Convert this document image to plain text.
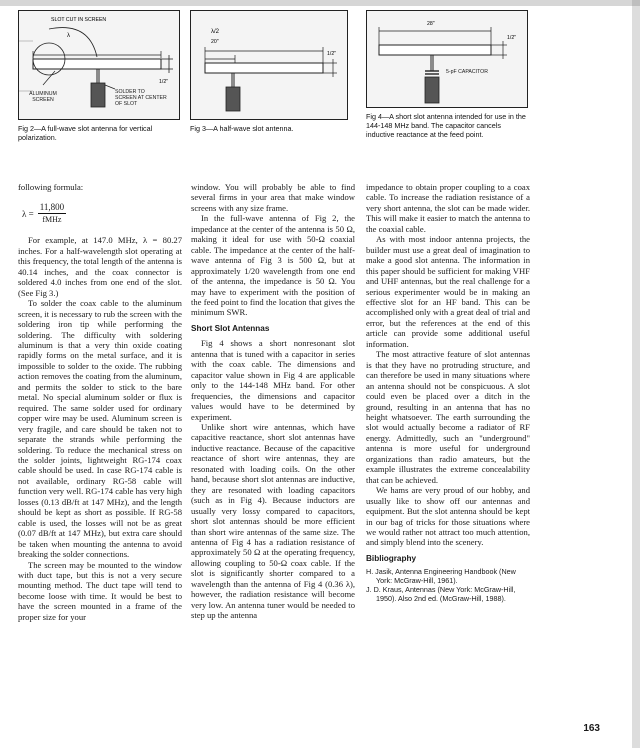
λ
SLOT CUT IN SCREEN
1/2"
ALUMINUM SCREEN
SOLDER TO SCREEN AT CENTER OF SLOT
Fig 2—A full-wave slot antenna for vertical polarization.
λ/2
20"
1/2"
Fig 3—A half-wave slot antenna.
28"
1/2"
5-pF CAPACITOR
Fig 4—A short slot antenna intended for use in the 144-148 MHz band. The capacitor cancels inductive reactance at the feed point.

following formula:

$\lambda = \frac{11,800}{\text{fMHz}}$

For example, at 147.0 MHz, λ = 80.27 inches. For a half-wavelength slot operating at this frequency, the total length of the antenna is 40.14 inches, and the coax connector is soldered 4.0 inches from one end of the slot. (See Fig 3.)

To solder the coax cable to the aluminum screen, it is necessary to rub the screen with the soldering iron tip while performing the soldering. The difficulty with soldering aluminum is that a very thin oxide coating rapidly forms on the metal surface, and it is impossible to solder to the oxide. The rubbing action removes the coating from the aluminum, and permits the solder to stick to the bare metal. No special aluminum solder or flux is required. The same solder used for ordinary copper wire may be used. Aluminum screen is very fragile, and care should be taken not to separate the strands while performing the soldering. To reduce the mechanical stress on the solder joints, lightweight RG-174 coax cable should be used. In case RG-174 cable is not available, ordinary RG-58 cable will function very well. RG-174 cable has very high losses (0.13 dB/ft at 147 MHz), and the length should be kept as short as possible. If RG-58 cable is used, the losses will not be as great (0.07 dB/ft at 147 MHz), but extra care should be taken when mounting the antenna to avoid breaking the solder connections.

The screen may be mounted to the window with duct tape, but this is not a very secure mounting method. The duct tape will tend to become loose with time. It would be best to have the screen mounted in a frame of the proper size for your

window. You will probably be able to find several firms in your area that make window screens with any size frame.

In the full-wave antenna of Fig 2, the impedance at the center of the antenna is 50 Ω, making it ideal for use with 50-Ω coaxial cable. The impedance at the center of the half-wave antenna of Fig 3 is 500 Ω, but at approximately 1/20 wavelength from one end of the antenna, the impedance is 50 Ω. You may have to experiment with the position of the feed point to find the location that gives the minimum SWR.

Short Slot Antennas

Fig 4 shows a short nonresonant slot antenna that is tuned with a capacitor in series with the coax cable. The dimensions and capacitor value shown in Fig 4 are applicable only to the 144-148 MHz band. For other frequencies, the dimensions and capacitor values would have to be determined by experiment.

Unlike short wire antennas, which have capacitive reactance, short slot antennas have inductive reactance. Because of the capacitive reactance of short wire antennas, they are resonated with loading coils. On the other hand, because short slot antennas are inductive, they are resonated with loading capacitors (such as in Fig 4). Because inductors are usually very lossy compared to capacitors, short slot antennas should be more efficient than short wire antennas of the same size. The antenna of Fig 4 has a radiation resistance of approximately 50 Ω at the operating frequency, allowing coupling to 50-Ω coax cable. If the slot is significantly shorter compared to a wavelength than the antenna of Fig 4 (0.36 λ), however, the radiation resistance will become very low. An antenna tuner would be needed to step up the antenna

impedance to obtain proper coupling to a coax cable. To increase the radiation resistance of a very short antenna, the slot can be made wider. This will make it easier to match the antenna to the coaxial cable.

As with most indoor antenna projects, the builder must use a great deal of imagination to make a good slot antenna. The information in this paper should be sufficient for making VHF and UHF antennas, but the real challenge for a serious experimenter would be in making an effective slot for an HF band. This can be accomplished only with a great deal of trial and error, but the references at the end of this article can provide some additional useful information.

The most attractive feature of slot antennas is that they have no protruding structure, and can therefore be used in many situations where an antenna should not be conspicuous. A slot could even be placed over a ditch in the ground, resulting in an antenna that has no height whatsoever. The earth surrounding the slot would actually become a radiator of RF energy. Admittedly, such an "underground" antenna is more useful for underground organizations than radio amateurs, but the example illustrates the extreme concealability that can be achieved.

We hams are very proud of our hobby, and usually like to show off our antennas and equipment. But the slot antenna should be kept in our bag of tricks for those situations where we would rather not attract too much attention, and simply blend into the scenery.

Bibliography

H. Jasik, Antenna Engineering Handbook (New York: McGraw-Hill, 1961).

J. D. Kraus, Antennas (New York: McGraw-Hill, 1950). Also 2nd ed. (McGraw-Hill, 1988).

163
